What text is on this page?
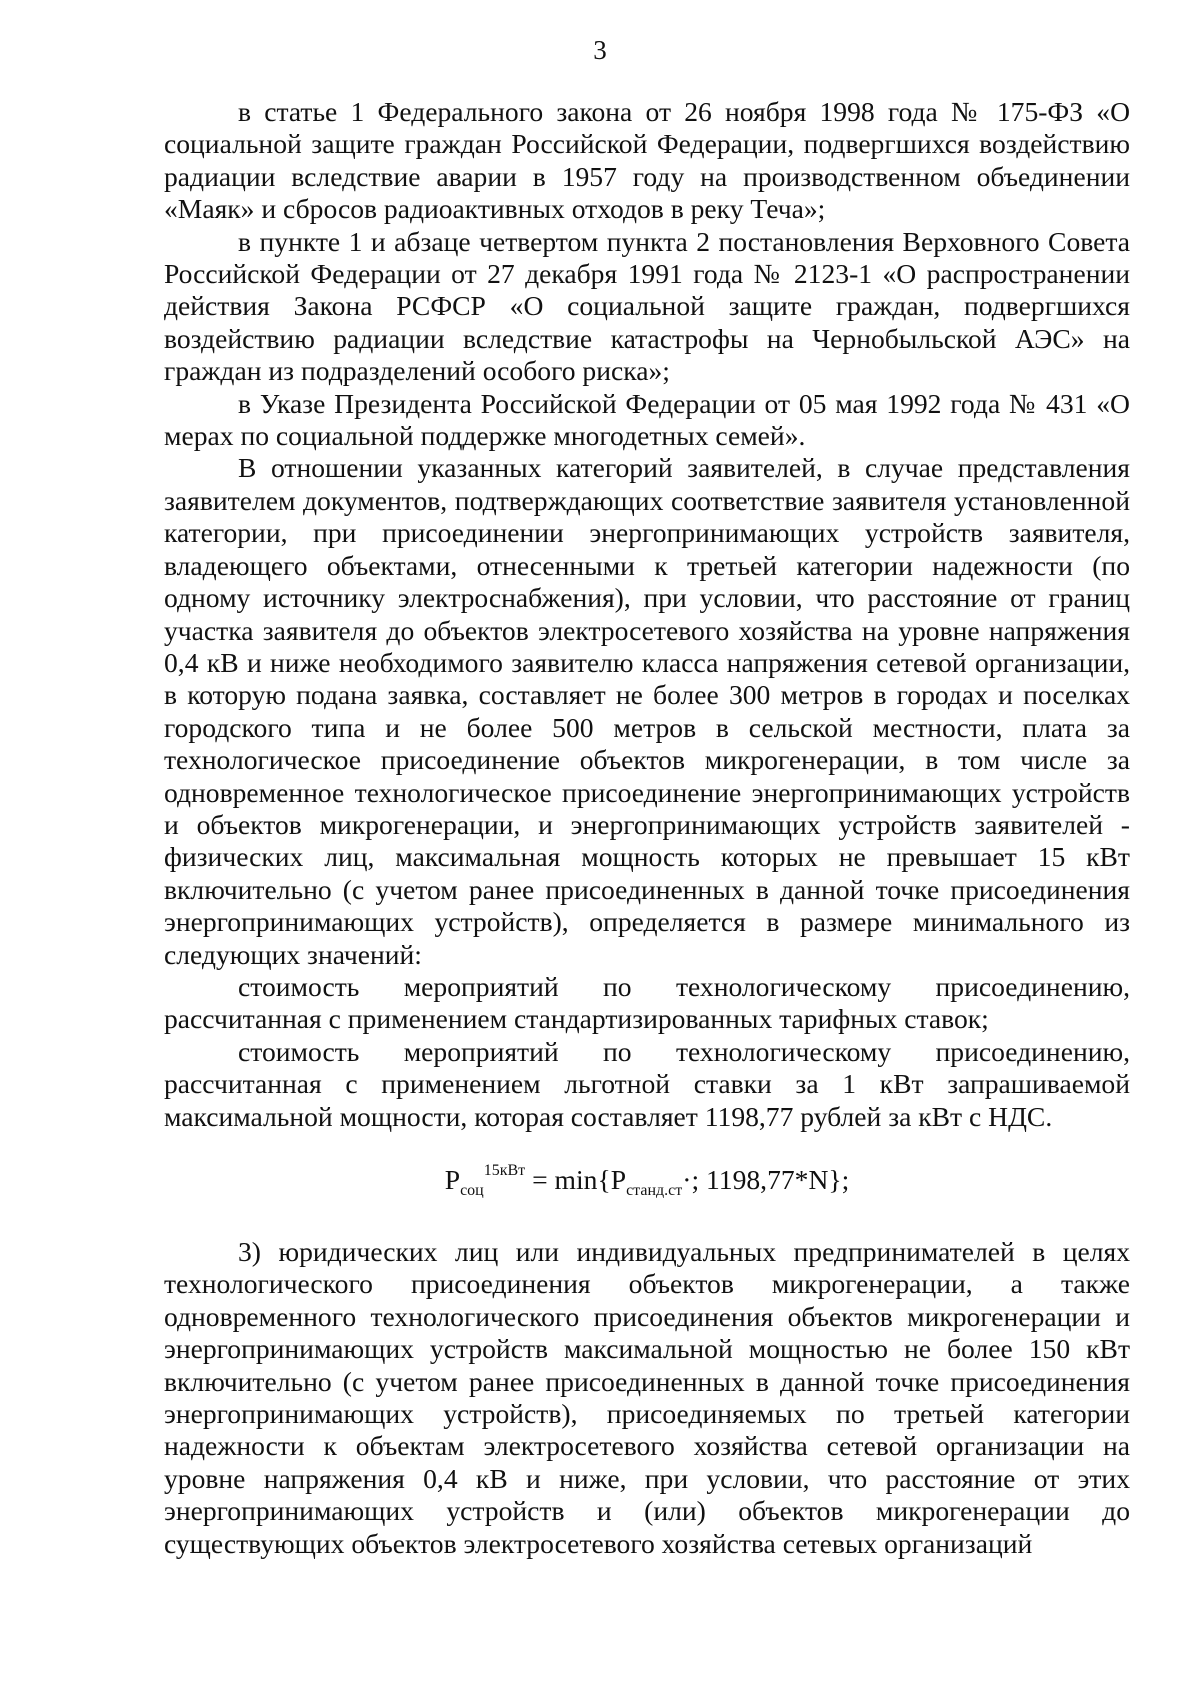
3

в статье 1 Федерального закона от 26 ноября 1998 года № 175-ФЗ «О социальной защите граждан Российской Федерации, подвергшихся воздействию радиации вследствие аварии в 1957 году на производственном объединении «Маяк» и сбросов радиоактивных отходов в реку Теча»;

в пункте 1 и абзаце четвертом пункта 2 постановления Верховного Совета Российской Федерации от 27 декабря 1991 года № 2123-1 «О распространении действия Закона РСФСР «О социальной защите граждан, подвергшихся воздействию радиации вследствие катастрофы на Чернобыльской АЭС» на граждан из подразделений особого риска»;

в Указе Президента Российской Федерации от 05 мая 1992 года № 431 «О мерах по социальной поддержке многодетных семей».

В отношении указанных категорий заявителей, в случае представления заявителем документов, подтверждающих соответствие заявителя установленной категории, при присоединении энергопринимающих устройств заявителя, владеющего объектами, отнесенными к третьей категории надежности (по одному источнику электроснабжения), при условии, что расстояние от границ участка заявителя до объектов электросетевого хозяйства на уровне напряжения 0,4 кВ и ниже необходимого заявителю класса напряжения сетевой организации, в которую подана заявка, составляет не более 300 метров в городах и поселках городского типа и не более 500 метров в сельской местности, плата за технологическое присоединение объектов микрогенерации, в том числе за одновременное технологическое присоединение энергопринимающих устройств и объектов микрогенерации, и энергопринимающих устройств заявителей - физических лиц, максимальная мощность которых не превышает 15 кВт включительно (с учетом ранее присоединенных в данной точке присоединения энергопринимающих устройств), определяется в размере минимального из следующих значений:

стоимость мероприятий по технологическому присоединению, рассчитанная с применением стандартизированных тарифных ставок;

стоимость мероприятий по технологическому присоединению, рассчитанная с применением льготной ставки за 1 кВт запрашиваемой максимальной мощности, которая составляет 1198,77 рублей за кВт с НДС.

$P_{соц}^{15кВт} = \min\{P_{станд.ст}\cdot$; 1198,77*N};

3) юридических лиц или индивидуальных предпринимателей в целях технологического присоединения объектов микрогенерации, а также одновременного технологического присоединения объектов микрогенерации и энергопринимающих устройств максимальной мощностью не более 150 кВт включительно (с учетом ранее присоединенных в данной точке присоединения энергопринимающих устройств), присоединяемых по третьей категории надежности к объектам электросетевого хозяйства сетевой организации на уровне напряжения 0,4 кВ и ниже, при условии, что расстояние от этих энергопринимающих устройств и (или) объектов микрогенерации до существующих объектов электросетевого хозяйства сетевых организаций
